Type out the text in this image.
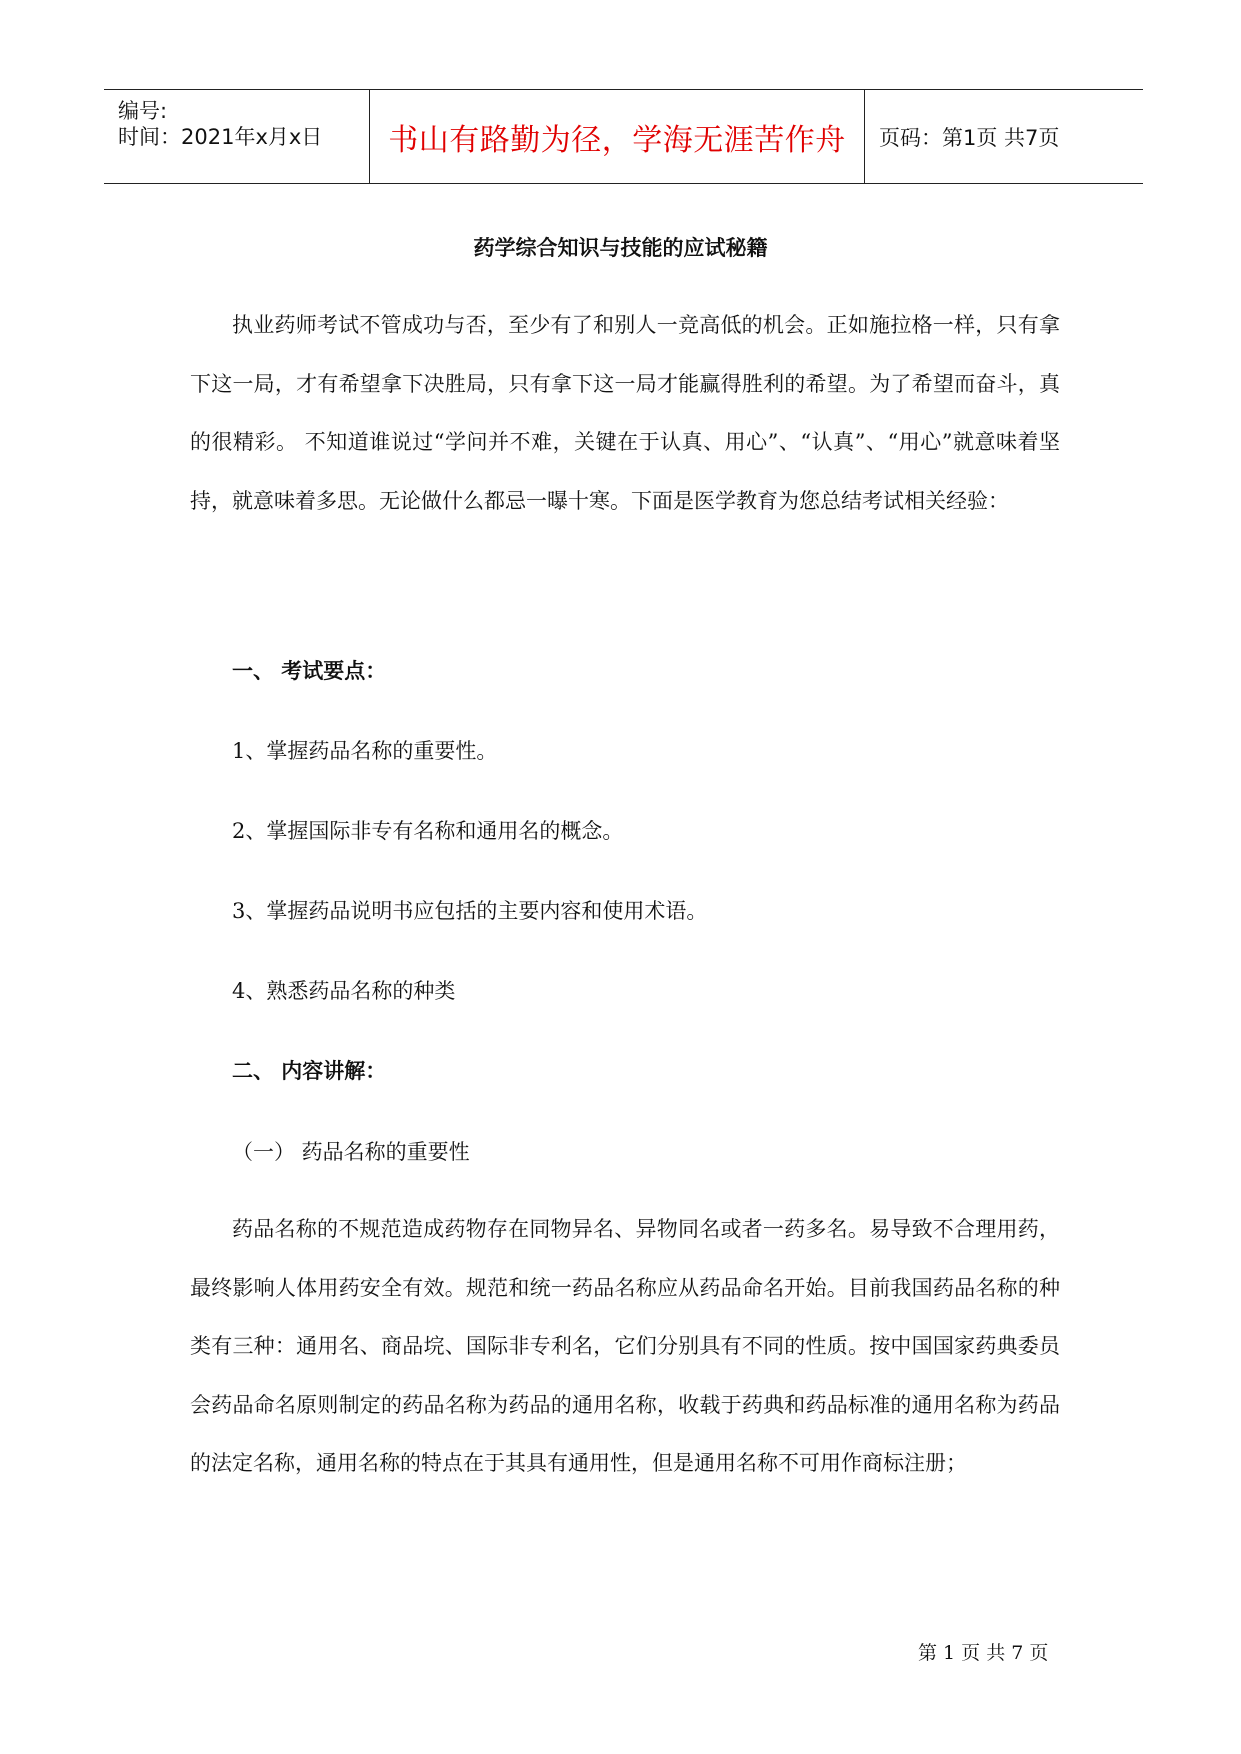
编号:
时间：2021年x月x日 书山有路勤为径，学海无涯苦作舟 页码：第1页 共7页
药学综合知识与技能的应试秘籍

执业药师考试不管成功与否，至少有了和别人一竞高低的机会。正如施拉格一样，只有拿下这一局，才有希望拿下决胜局，只有拿下这一局才能赢得胜利的希望。为了希望而奋斗，真的很精彩。 不知道谁说过“学问并不难，关键在于认真、用心”、“认真”、“用心”就意味着坚持，就意味着多思。无论做什么都忌一曝十寒。下面是医学教育为您总结考试相关经验：

一、 考试要点：
1、掌握药品名称的重要性。
2、掌握国际非专有名称和通用名的概念。
3、掌握药品说明书应包括的主要内容和使用术语。
4、熟悉药品名称的种类
二、 内容讲解：
（一） 药品名称的重要性

药品名称的不规范造成药物存在同物异名、异物同名或者一药多名。易导致不合理用药，最终影响人体用药安全有效。规范和统一药品名称应从药品命名开始。目前我国药品名称的种类有三种：通用名、商品垸、国际非专利名，它们分别具有不同的性质。按中国国家药典委员会药品命名原则制定的药品名称为药品的通用名称，收载于药典和药品标准的通用名称为药品的法定名称，通用名称的特点在于其具有通用性，但是通用名称不可用作商标注册；

第 1 页 共 7 页
